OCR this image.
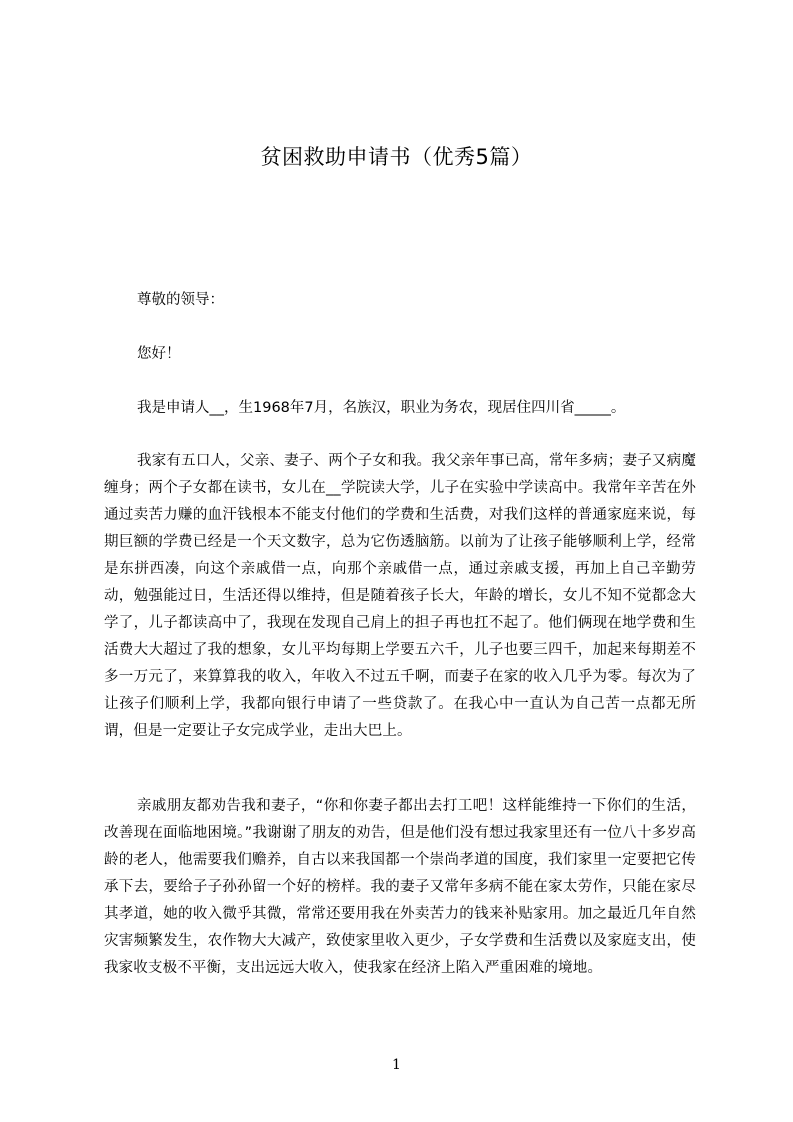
贫困救助申请书（优秀5篇）

尊敬的领导：

您好！

我是申请人__，生1968年7月，名族汉，职业为务农，现居住四川省_____。

我家有五口人，父亲、妻子、两个子女和我。我父亲年事已高，常年多病；妻子又病魔缠身；两个子女都在读书，女儿在__学院读大学，儿子在实验中学读高中。我常年辛苦在外通过卖苦力赚的血汗钱根本不能支付他们的学费和生活费，对我们这样的普通家庭来说，每期巨额的学费已经是一个天文数字，总为它伤透脑筋。以前为了让孩子能够顺利上学，经常是东拼西凑，向这个亲戚借一点，向那个亲戚借一点，通过亲戚支援，再加上自己辛勤劳动，勉强能过日，生活还得以维持，但是随着孩子长大，年龄的增长，女儿不知不觉都念大学了，儿子都读高中了，我现在发现自己肩上的担子再也扛不起了。他们俩现在地学费和生活费大大超过了我的想象，女儿平均每期上学要五六千，儿子也要三四千，加起来每期差不多一万元了，来算算我的收入，年收入不过五千啊，而妻子在家的收入几乎为零。每次为了让孩子们顺利上学，我都向银行申请了一些贷款了。在我心中一直认为自己苦一点都无所谓，但是一定要让子女完成学业，走出大巴上。

亲戚朋友都劝告我和妻子，“你和你妻子都出去打工吧！这样能维持一下你们的生活，改善现在面临地困境。”我谢谢了朋友的劝告，但是他们没有想过我家里还有一位八十多岁高龄的老人，他需要我们赡养，自古以来我国都一个崇尚孝道的国度，我们家里一定要把它传承下去，要给子子孙孙留一个好的榜样。我的妻子又常年多病不能在家太劳作，只能在家尽其孝道，她的收入微乎其微，常常还要用我在外卖苦力的钱来补贴家用。加之最近几年自然灾害频繁发生，农作物大大减产，致使家里收入更少，子女学费和生活费以及家庭支出，使我家收支极不平衡，支出远远大收入，使我家在经济上陷入严重困难的境地。

1
